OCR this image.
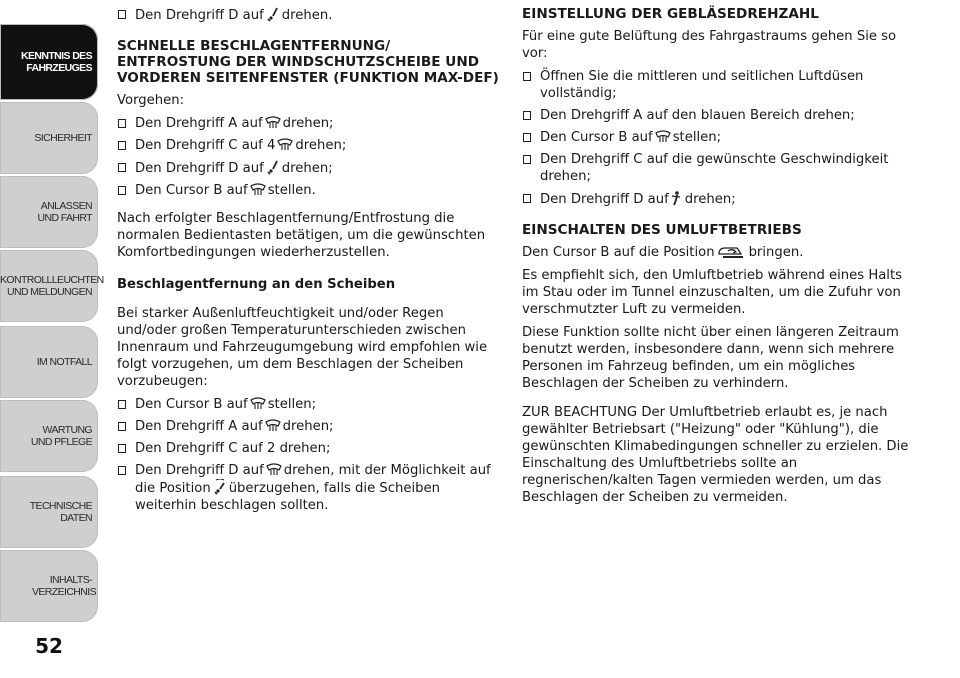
KENNTNIS DES FAHRZEUGES
SICHERHEIT
ANLASSEN UND FAHRT
KONTROLLLEUCHTEN UND MELDUNGEN
IM NOTFALL
WARTUNG UND PFLEGE
TECHNISCHE DATEN
INHALTS- VERZEICHNIS
52

Den Drehgriff D auf drehen.

SCHNELLE BESCHLAGENTFERNUNG/ ENTFROSTUNG DER WINDSCHUTZSCHEIBE UND VORDEREN SEITENFENSTER (FUNKTION MAX-DEF)

Vorgehen:

Den Drehgriff A auf drehen;

Den Drehgriff C auf 4 drehen;

Den Drehgriff D auf drehen;

Den Cursor B auf stellen.

Nach erfolgter Beschlagentfernung/Entfrostung die normalen Bedientasten betätigen, um die gewünschten Komfortbedingungen wiederherzustellen.

Beschlagentfernung an den Scheiben

Bei starker Außenluftfeuchtigkeit und/oder Regen und/oder großen Temperaturunterschieden zwischen Innenraum und Fahrzeugumgebung wird empfohlen wie folgt vorzugehen, um dem Beschlagen der Scheiben vorzubeugen:

Den Cursor B auf stellen;

Den Drehgriff A auf drehen;

Den Drehgriff C auf 2 drehen;

Den Drehgriff D auf drehen, mit der Möglichkeit auf die Position überzugehen, falls die Scheiben weiterhin beschlagen sollten.

EINSTELLUNG DER GEBLÄSEDREHZAHL

Für eine gute Belüftung des Fahrgastraums gehen Sie so vor:

Öffnen Sie die mittleren und seitlichen Luftdüsen vollständig;

Den Drehgriff A auf den blauen Bereich drehen;

Den Cursor B auf stellen;

Den Drehgriff C auf die gewünschte Geschwindigkeit drehen;

Den Drehgriff D auf drehen;

EINSCHALTEN DES UMLUFTBETRIEBS

Den Cursor B auf die Position	bringen.

Es empfiehlt sich, den Umluftbetrieb während eines Halts im Stau oder im Tunnel einzuschalten, um die Zufuhr von verschmutzter Luft zu vermeiden.

Diese Funktion sollte nicht über einen längeren Zeitraum benutzt werden, insbesondere dann, wenn sich mehrere Personen im Fahrzeug befinden, um ein mögliches Beschlagen der Scheiben zu verhindern.

ZUR BEACHTUNG Der Umluftbetrieb erlaubt es, je nach gewählter Betriebsart ("Heizung" oder "Kühlung"), die gewünschten Klimabedingungen schneller zu erzielen. Die Einschaltung des Umluftbetriebs sollte an regnerischen/kalten Tagen vermieden werden, um das Beschlagen der Scheiben zu vermeiden.
